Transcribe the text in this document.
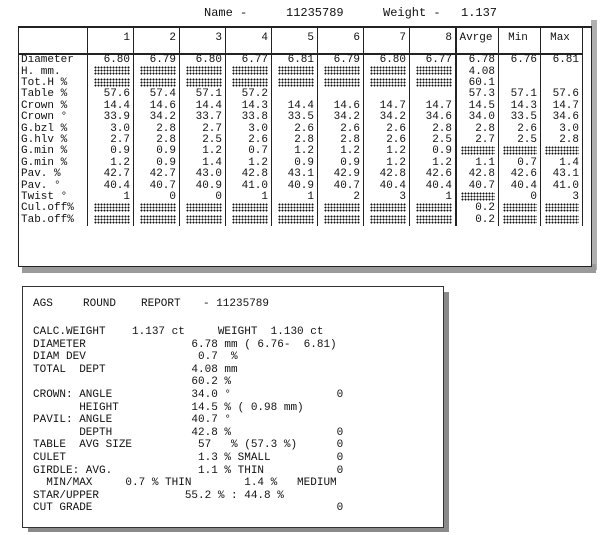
Name -	11235789	Weight - 1.137
	1	2	3	4	5	6	7	8	Avrge	Min	Max
Diameter	6.80	6.79	6.80	6.77	6.81	6.79	6.80	6.77	6.78	6.76	6.81
H. mm.									4.08		
Tot.H %									60.1		
Table %	57.6	57.4	57.1	57.2					57.3	57.1	57.6
Crown %	14.4	14.6	14.4	14.3	14.4	14.6	14.7	14.7	14.5	14.3	14.7
Crown °	33.9	34.2	33.7	33.8	33.5	34.2	34.2	34.6	34.0	33.5	34.6
G.bzl %	3.0	2.8	2.7	3.0	2.6	2.6	2.6	2.8	2.8	2.6	3.0
G.hlv %	2.7	2.8	2.5	2.6	2.8	2.8	2.6	2.5	2.7	2.5	2.8
G.min %	0.9	0.9	1.2	0.7	1.2	1.2	1.2	0.9			
G.min %	1.2	0.9	1.4	1.2	0.9	0.9	1.2	1.2	1.1	0.7	1.4
Pav. %	42.7	42.7	43.0	42.8	43.1	42.9	42.8	42.6	42.8	42.6	43.1
Pav. °	40.4	40.7	40.9	41.0	40.9	40.7	40.4	40.4	40.7	40.4	41.0
Twist °	1	0	0	1	1	2	3	1		0	3
Cul.off%									0.2		
Tab.off%									0.2		
AGS	ROUND REPORT - 11235789
CALC.WEIGHT    1.137 ct     WEIGHT  1.130 ct
DIAMETER                6.78 mm ( 6.76-  6.81)
DIAM DEV                 0.7  %
TOTAL  DEPT             4.08 mm
60.2 %
CROWN: ANGLE            34.0 °                0
HEIGHT           14.5 % ( 0.98 mm)
PAVIL: ANGLE            40.7 °
DEPTH            42.8 %                0
TABLE  AVG SIZE          57   % (57.3 %)      0
CULET                    1.3 % SMALL          0
GIRDLE: AVG.             1.1 % THIN           0
MIN/MAX     0.7 % THIN        1.4 %   MEDIUM
STAR/UPPER             55.2 % : 44.8 %
CUT GRADE                                     0
